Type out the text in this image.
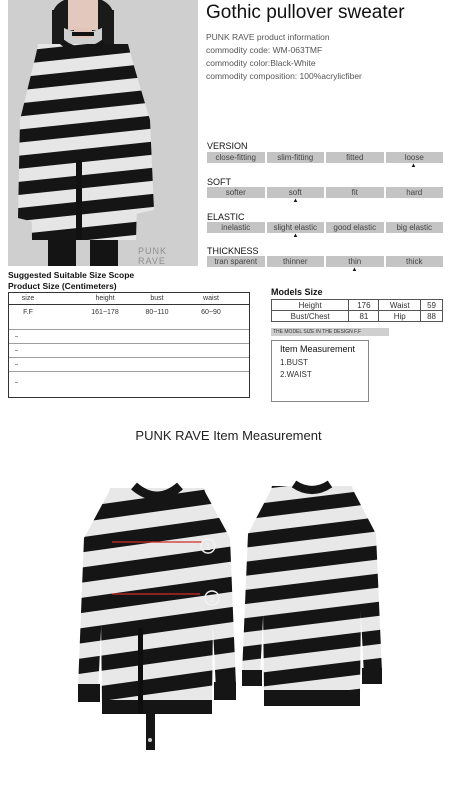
PUNK RAVE
Gothic pullover sweater
PUNK RAVE product information
commodity code: WM-063TMF
commodity color:Black-White
commodity composition: 100%acrylicfiber
VERSION
close-fitting	slim-fitting	fitted	loose
▲
SOFT
softer	soft	fit	hard
▲
ELASTIC
inelastic	slight elastic	good elastic	big elastic
▲
THICKNESS
tran sparent	thinner	thin	thick
▲
Suggested Suitable Size Scope
Product Size (Centimeters)
size	height	bust	waist
F.F	161~178	80~110	60~90
Models Size
Height	176	Waist	59
Bust/Chest	81	Hip	88
THE MODEL SIZE IN THE DESIGN F.F
Item Measurement
1.BUST
2.WAIST
PUNK RAVE Item Measurement
1
2
